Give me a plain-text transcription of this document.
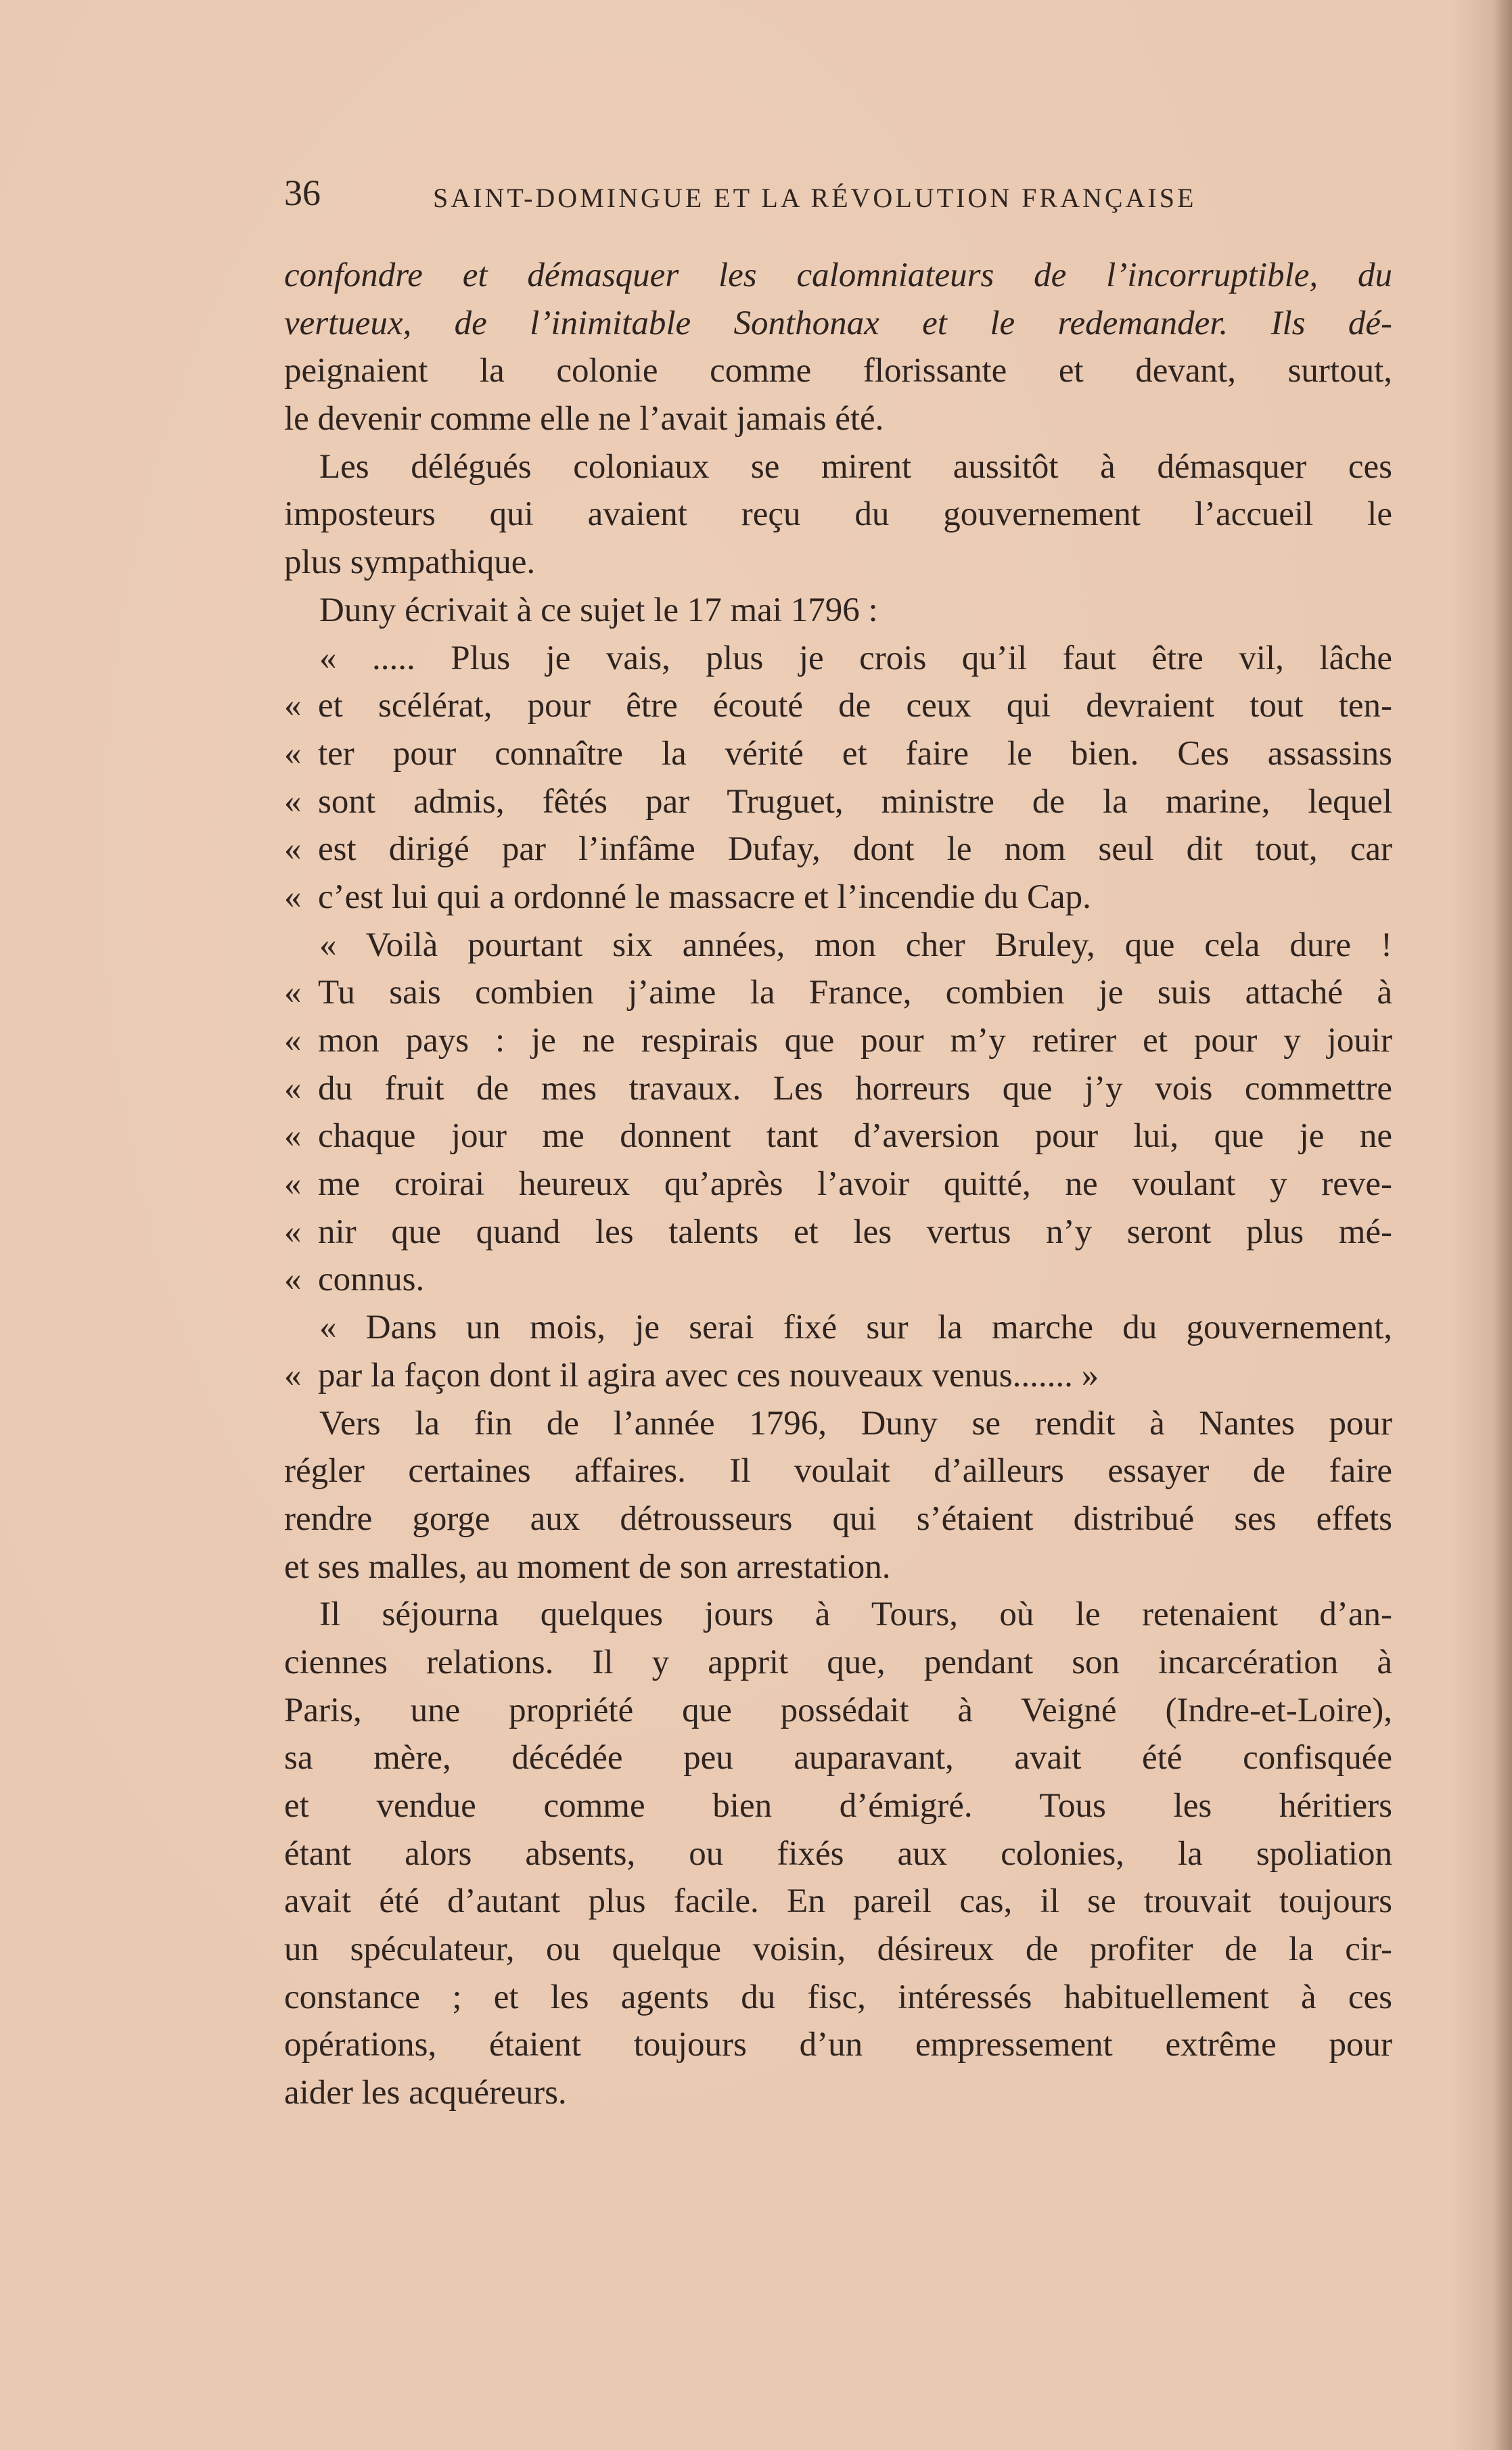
36	SAINT-DOMINGUE ET LA RÉVOLUTION FRANÇAISE
confondre et démasquer les calomniateurs de l’incorruptible, du
vertueux, de l’inimitable Sonthonax et le redemander. Ils dé-
peignaient la colonie comme florissante et devant, surtout,
le devenir comme elle ne l’avait jamais été.
Les délégués coloniaux se mirent aussitôt à démasquer ces
imposteurs qui avaient reçu du gouvernement l’accueil le
plus sympathique.
Duny écrivait à ce sujet le 17 mai 1796 :
« ..... Plus je vais, plus je crois qu’il faut être vil, lâche
« et scélérat, pour être écouté de ceux qui devraient tout ten-
« ter pour connaître la vérité et faire le bien. Ces assassins
« sont admis, fêtés par Truguet, ministre de la marine, lequel
« est dirigé par l’infâme Dufay, dont le nom seul dit tout, car
« c’est lui qui a ordonné le massacre et l’incendie du Cap.
« Voilà pourtant six années, mon cher Bruley, que cela dure !
« Tu sais combien j’aime la France, combien je suis attaché à
« mon pays : je ne respirais que pour m’y retirer et pour y jouir
« du fruit de mes travaux. Les horreurs que j’y vois commettre
« chaque jour me donnent tant d’aversion pour lui, que je ne
« me croirai heureux qu’après l’avoir quitté, ne voulant y reve-
« nir que quand les talents et les vertus n’y seront plus mé-
« connus.
« Dans un mois, je serai fixé sur la marche du gouvernement,
« par la façon dont il agira avec ces nouveaux venus....... »
Vers la fin de l’année 1796, Duny se rendit à Nantes pour
régler certaines affaires. Il voulait d’ailleurs essayer de faire
rendre gorge aux détrousseurs qui s’étaient distribué ses effets
et ses malles, au moment de son arrestation.
Il séjourna quelques jours à Tours, où le retenaient d’an-
ciennes relations. Il y apprit que, pendant son incarcération à
Paris, une propriété que possédait à Veigné (Indre-et-Loire),
sa mère, décédée peu auparavant, avait été confisquée
et vendue comme bien d’émigré. Tous les héritiers
étant alors absents, ou fixés aux colonies, la spoliation
avait été d’autant plus facile. En pareil cas, il se trouvait toujours
un spéculateur, ou quelque voisin, désireux de profiter de la cir-
constance ; et les agents du fisc, intéressés habituellement à ces
opérations, étaient toujours d’un empressement extrême pour
aider les acquéreurs.
